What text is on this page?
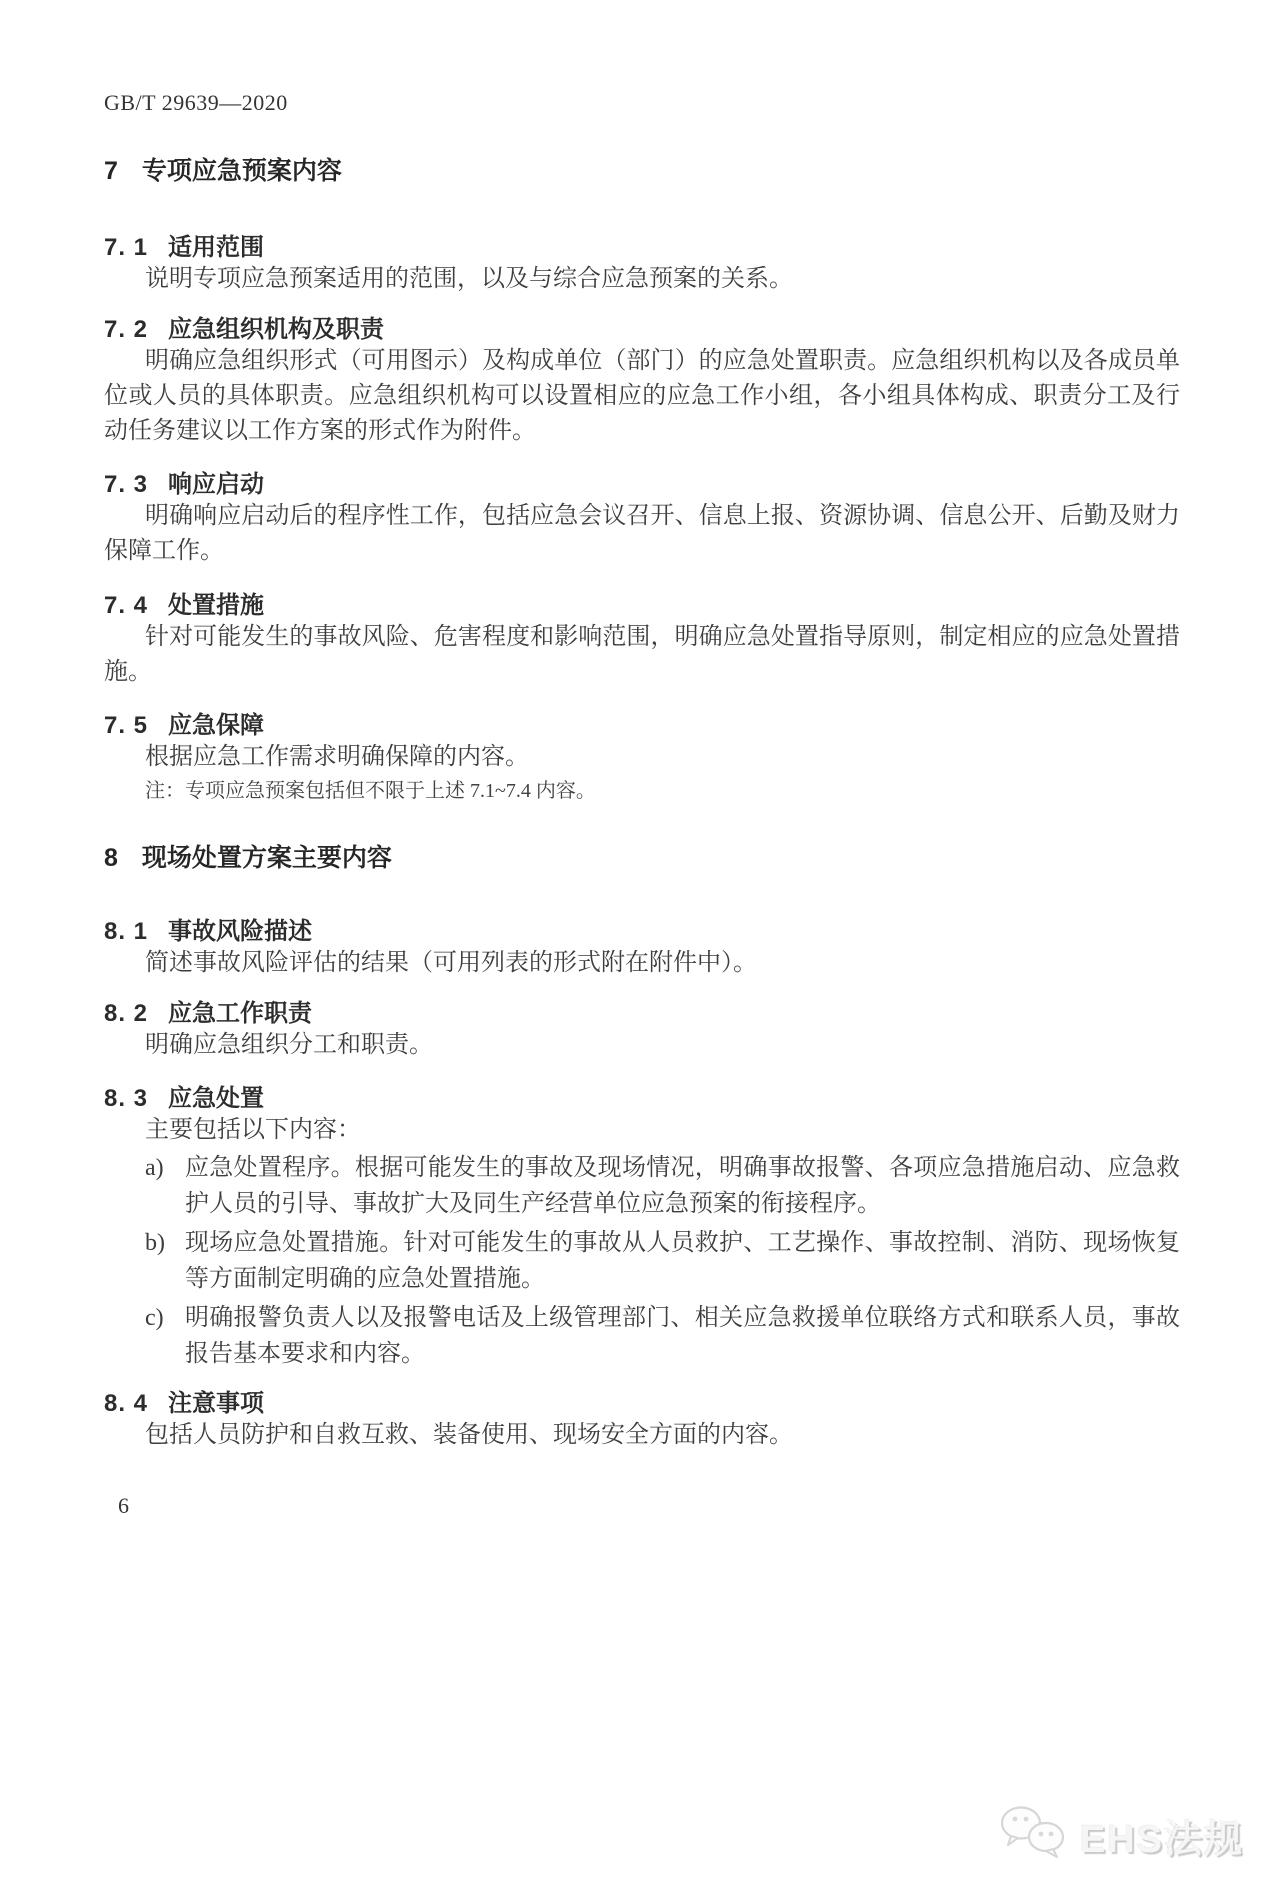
GB/T 29639—2020
7 专项应急预案内容
7. 1 适用范围

说明专项应急预案适用的范围，以及与综合应急预案的关系。

7. 2 应急组织机构及职责

明确应急组织形式（可用图示）及构成单位（部门）的应急处置职责。应急组织机构以及各成员单位或人员的具体职责。应急组织机构可以设置相应的应急工作小组，各小组具体构成、职责分工及行动任务建议以工作方案的形式作为附件。

7. 3 响应启动

明确响应启动后的程序性工作，包括应急会议召开、信息上报、资源协调、信息公开、后勤及财力保障工作。

7. 4 处置措施

针对可能发生的事故风险、危害程度和影响范围，明确应急处置指导原则，制定相应的应急处置措施。

7. 5 应急保障

根据应急工作需求明确保障的内容。

注：专项应急预案包括但不限于上述 7.1~7.4 内容。

8 现场处置方案主要内容
8. 1 事故风险描述

简述事故风险评估的结果（可用列表的形式附在附件中）。

8. 2 应急工作职责

明确应急组织分工和职责。

8. 3 应急处置

主要包括以下内容：

a) 应急处置程序。根据可能发生的事故及现场情况，明确事故报警、各项应急措施启动、应急救护人员的引导、事故扩大及同生产经营单位应急预案的衔接程序。
b) 现场应急处置措施。针对可能发生的事故从人员救护、工艺操作、事故控制、消防、现场恢复等方面制定明确的应急处置措施。
c) 明确报警负责人以及报警电话及上级管理部门、相关应急救援单位联络方式和联系人员，事故报告基本要求和内容。
8. 4 注意事项

包括人员防护和自救互救、装备使用、现场安全方面的内容。

6
EHS法规
